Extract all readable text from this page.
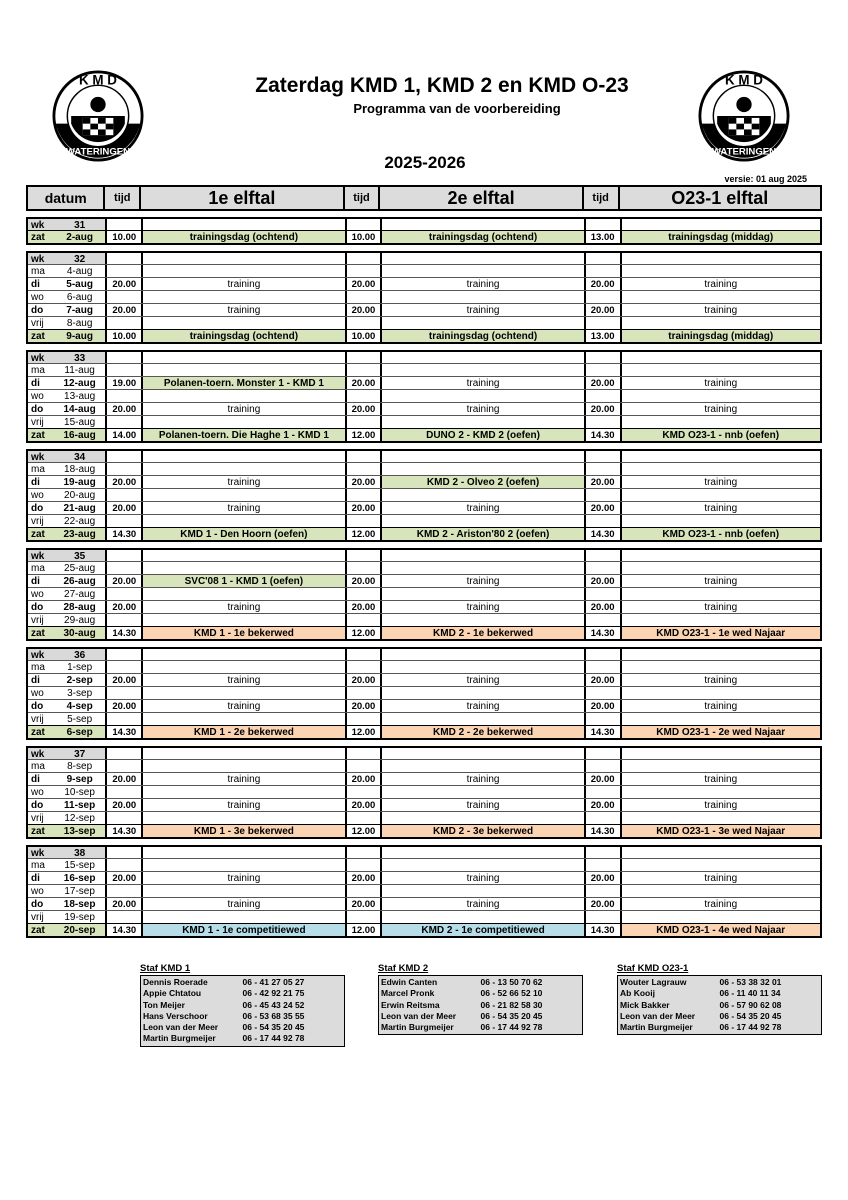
K M D
WATERINGEN
K M D
WATERINGEN
Zaterdag KMD 1, KMD 2 en KMD O-23
Programma van de voorbereiding
2025-2026
versie: 01 aug 2025
datum	tijd	1e elftal	tijd	2e elftal	tijd	O23-1 elftal
wk	31
zat	2-aug	10.00	trainingsdag (ochtend)	10.00	trainingsdag (ochtend)	13.00	trainingsdag (middag)
wk	32
ma	4-aug
di	5-aug	20.00	training	20.00	training	20.00	training
wo	6-aug
do	7-aug	20.00	training	20.00	training	20.00	training
vrij	8-aug
zat	9-aug	10.00	trainingsdag (ochtend)	10.00	trainingsdag (ochtend)	13.00	trainingsdag (middag)
wk	33
ma	11-aug
di	12-aug	19.00	Polanen-toern. Monster 1 - KMD 1	20.00	training	20.00	training
wo	13-aug
do	14-aug	20.00	training	20.00	training	20.00	training
vrij	15-aug
zat	16-aug	14.00	Polanen-toern. Die Haghe 1 - KMD 1	12.00	DUNO 2 - KMD 2 (oefen)	14.30	KMD O23-1 - nnb (oefen)
wk	34
ma	18-aug
di	19-aug	20.00	training	20.00	KMD 2 - Olveo 2 (oefen)	20.00	training
wo	20-aug
do	21-aug	20.00	training	20.00	training	20.00	training
vrij	22-aug
zat	23-aug	14.30	KMD 1 - Den Hoorn (oefen)	12.00	KMD 2 - Ariston'80 2 (oefen)	14.30	KMD O23-1 - nnb (oefen)
wk	35
ma	25-aug
di	26-aug	20.00	SVC'08 1 - KMD 1 (oefen)	20.00	training	20.00	training
wo	27-aug
do	28-aug	20.00	training	20.00	training	20.00	training
vrij	29-aug
zat	30-aug	14.30	KMD 1 - 1e bekerwed	12.00	KMD 2 - 1e bekerwed	14.30	KMD O23-1 - 1e wed Najaar
wk	36
ma	1-sep
di	2-sep	20.00	training	20.00	training	20.00	training
wo	3-sep
do	4-sep	20.00	training	20.00	training	20.00	training
vrij	5-sep
zat	6-sep	14.30	KMD 1 - 2e bekerwed	12.00	KMD 2 - 2e bekerwed	14.30	KMD O23-1 - 2e wed Najaar
wk	37
ma	8-sep
di	9-sep	20.00	training	20.00	training	20.00	training
wo	10-sep
do	11-sep	20.00	training	20.00	training	20.00	training
vrij	12-sep
zat	13-sep	14.30	KMD 1 - 3e bekerwed	12.00	KMD 2 - 3e bekerwed	14.30	KMD O23-1 - 3e wed Najaar
wk	38
ma	15-sep
di	16-sep	20.00	training	20.00	training	20.00	training
wo	17-sep
do	18-sep	20.00	training	20.00	training	20.00	training
vrij	19-sep
zat	20-sep	14.30	KMD 1 - 1e competitiewed	12.00	KMD 2 - 1e competitiewed	14.30	KMD O23-1 - 4e wed Najaar
Staf KMD 1
Dennis Roerade	06 - 41 27 05 27
Appie Chtatou	06 - 42 92 21 75
Ton Meijer	06 - 45 43 24 52
Hans Verschoor	06 - 53 68 35 55
Leon van der Meer	06 - 54 35 20 45
Martin Burgmeijer	06 - 17 44 92 78
Staf KMD 2
Edwin Canten	06 - 13 50 70 62
Marcel Pronk	06 - 52 66 52 10
Erwin Reitsma	06 - 21 82 58 30
Leon van der Meer	06 - 54 35 20 45
Martin Burgmeijer	06 - 17 44 92 78
Staf KMD O23-1
Wouter Lagrauw	06 - 53 38 32 01
Ab Kooij	06 - 11 40 11 34
Mick Bakker	06 - 57 90 62 08
Leon van der Meer	06 - 54 35 20 45
Martin Burgmeijer	06 - 17 44 92 78
